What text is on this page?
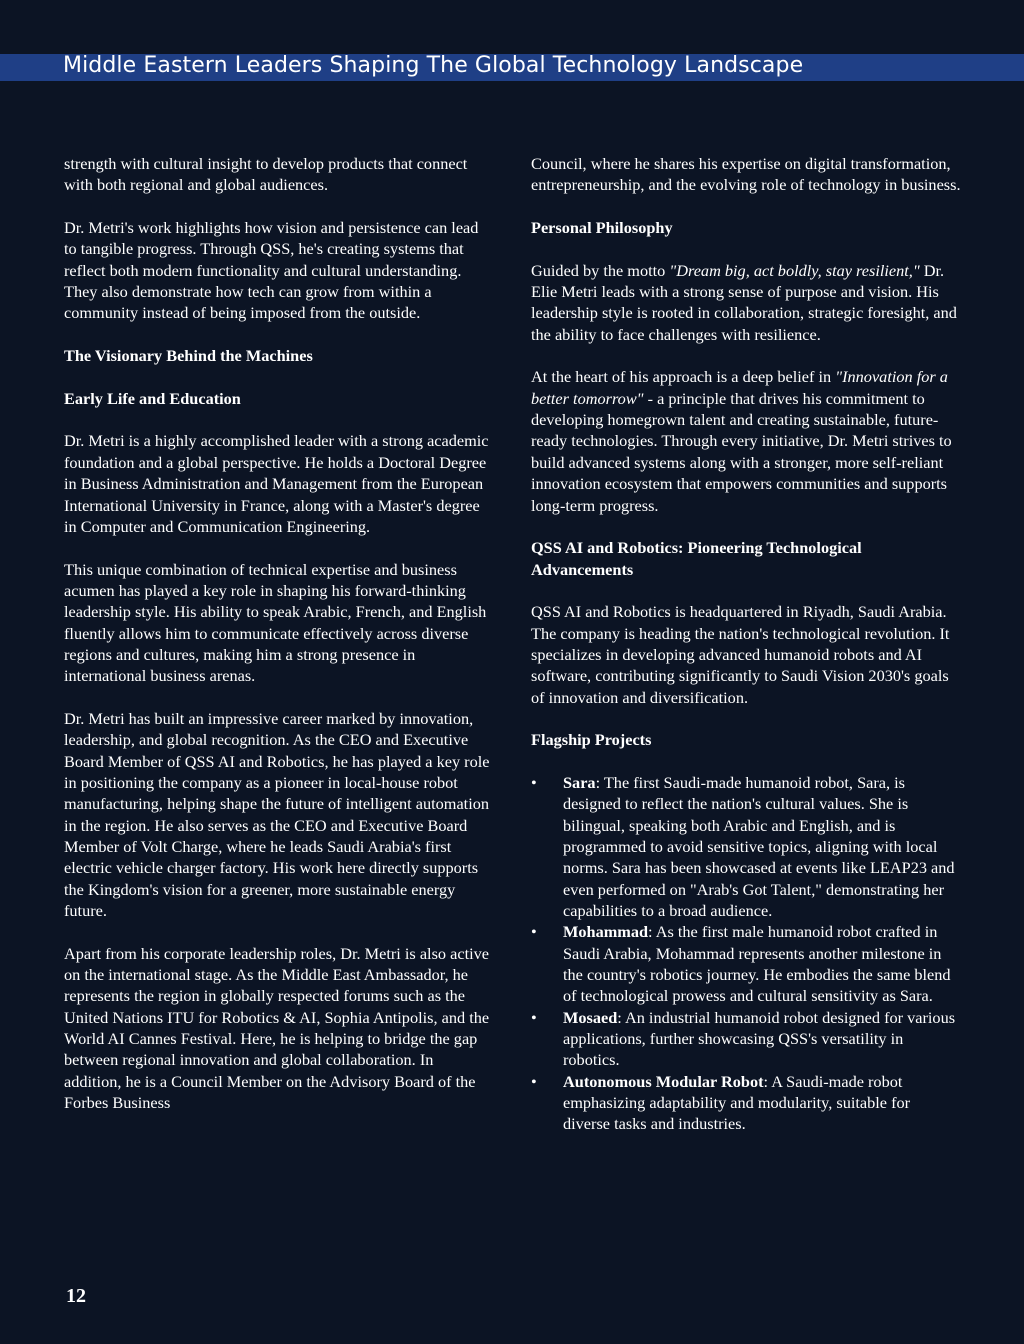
Middle Eastern Leaders Shaping The Global Technology Landscape

strength with cultural insight to develop products that connect with both regional and global audiences.

Dr. Metri's work highlights how vision and persistence can lead to tangible progress. Through QSS, he's creating systems that reflect both modern functionality and cultural understanding. They also demonstrate how tech can grow from within a community instead of being imposed from the outside.

The Visionary Behind the Machines

Early Life and Education

Dr. Metri is a highly accomplished leader with a strong academic foundation and a global perspective. He holds a Doctoral Degree in Business Administration and Management from the European International University in France, along with a Master's degree in Computer and Communication Engineering.

This unique combination of technical expertise and business acumen has played a key role in shaping his forward-thinking leadership style. His ability to speak Arabic, French, and English fluently allows him to communicate effectively across diverse regions and cultures, making him a strong presence in international business arenas.

Dr. Metri has built an impressive career marked by innovation, leadership, and global recognition. As the CEO and Executive Board Member of QSS AI and Robotics, he has played a key role in positioning the company as a pioneer in local-house robot manufacturing, helping shape the future of intelligent automation in the region. He also serves as the CEO and Executive Board Member of Volt Charge, where he leads Saudi Arabia's first electric vehicle charger factory. His work here directly supports the Kingdom's vision for a greener, more sustainable energy future.

Apart from his corporate leadership roles, Dr. Metri is also active on the international stage. As the Middle East Ambassador, he represents the region in globally respected forums such as the United Nations ITU for Robotics & AI, Sophia Antipolis, and the World AI Cannes Festival. Here, he is helping to bridge the gap between regional innovation and global collaboration. In addition, he is a Council Member on the Advisory Board of the Forbes Business

Council, where he shares his expertise on digital transformation, entrepreneurship, and the evolving role of technology in business.

Personal Philosophy

Guided by the motto "Dream big, act boldly, stay resilient," Dr. Elie Metri leads with a strong sense of purpose and vision. His leadership style is rooted in collaboration, strategic foresight, and the ability to face challenges with resilience.

At the heart of his approach is a deep belief in "Innovation for a better tomorrow" - a principle that drives his commitment to developing homegrown talent and creating sustainable, future-ready technologies. Through every initiative, Dr. Metri strives to build advanced systems along with a stronger, more self-reliant innovation ecosystem that empowers communities and supports long-term progress.

QSS AI and Robotics: Pioneering Technological Advancements

QSS AI and Robotics is headquartered in Riyadh, Saudi Arabia. The company is heading the nation's technological revolution. It specializes in developing advanced humanoid robots and AI software, contributing significantly to Saudi Vision 2030's goals of innovation and diversification.

Flagship Projects

• Sara: The first Saudi-made humanoid robot, Sara, is designed to reflect the nation's cultural values. She is bilingual, speaking both Arabic and English, and is programmed to avoid sensitive topics, aligning with local norms. Sara has been showcased at events like LEAP23 and even performed on "Arab's Got Talent," demonstrating her capabilities to a broad audience.
• Mohammad: As the first male humanoid robot crafted in Saudi Arabia, Mohammad represents another milestone in the country's robotics journey. He embodies the same blend of technological prowess and cultural sensitivity as Sara.
• Mosaed: An industrial humanoid robot designed for various applications, further showcasing QSS's versatility in robotics.
• Autonomous Modular Robot: A Saudi-made robot emphasizing adaptability and modularity, suitable for diverse tasks and industries.
12
